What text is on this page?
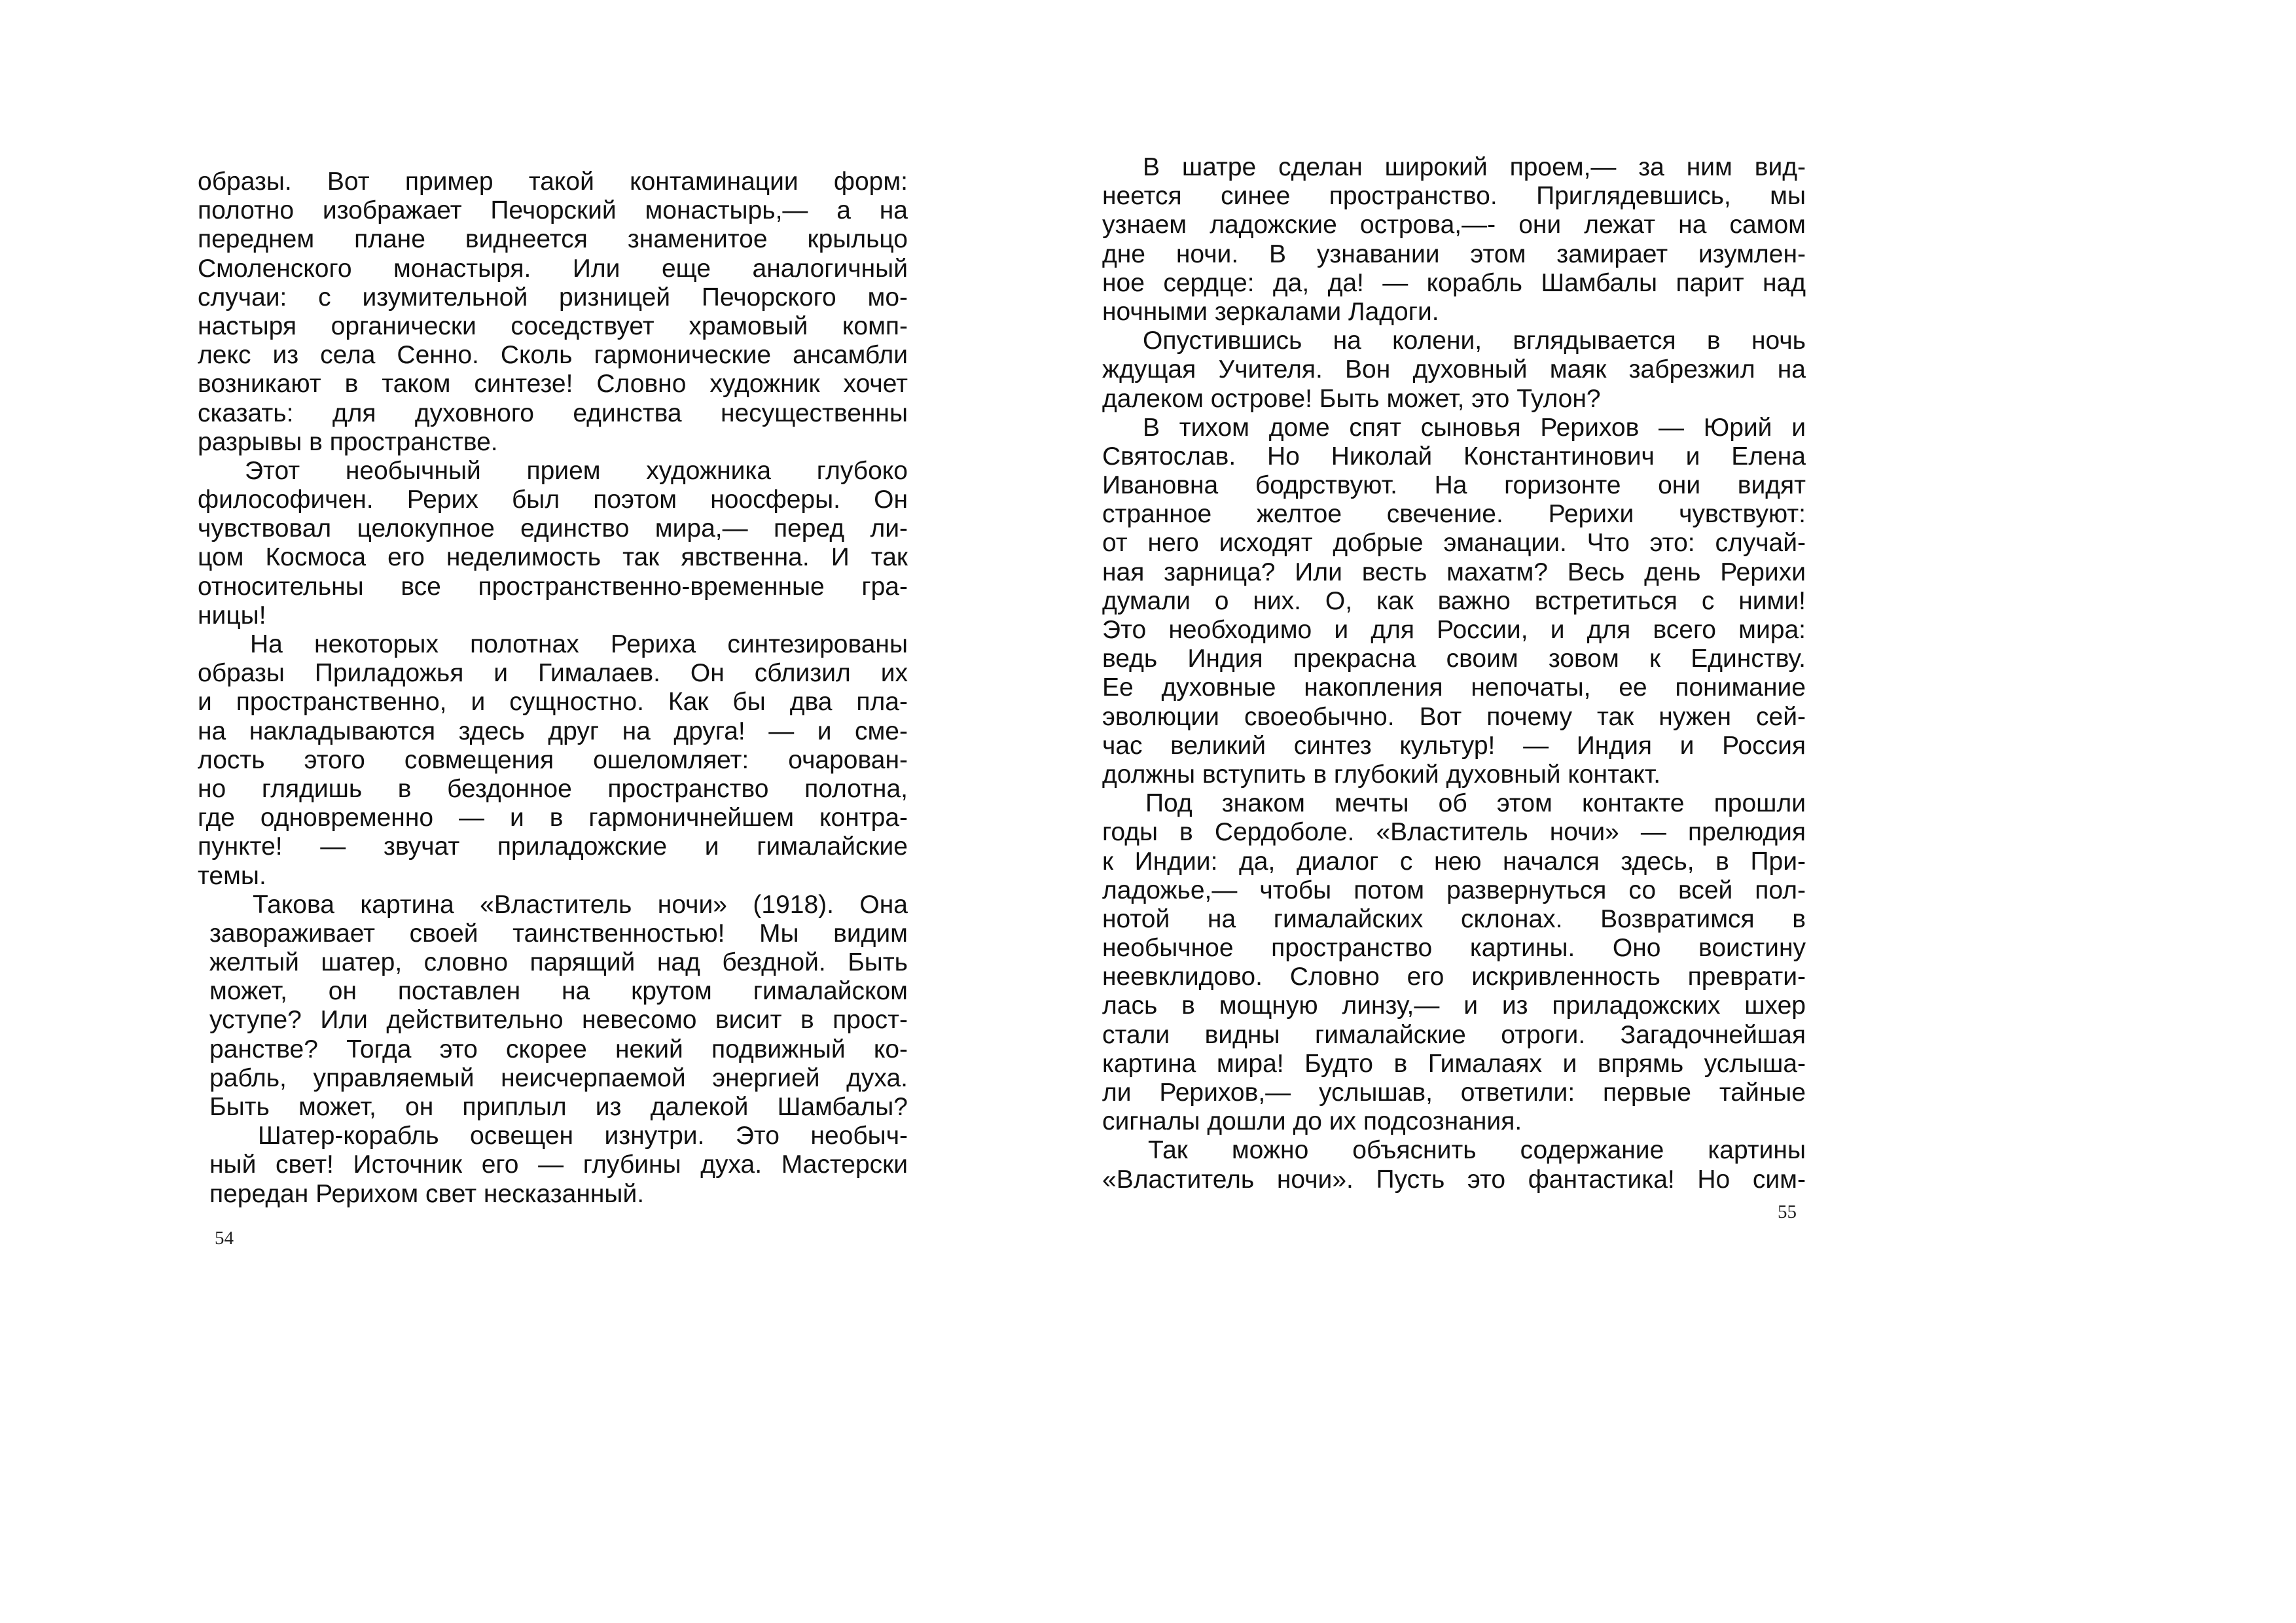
образы. Вот пример такой контаминации форм:
полотно изображает Печорский монастырь,— а на
переднем плане виднеется знаменитое крыльцо
Смоленского монастыря. Или еще аналогичный
случаи: с изумительной ризницей Печорского мо-
настыря органически соседствует храмовый комп-
лекс из села Сенно. Сколь гармонические ансамбли
возникают в таком синтезе! Словно художник хочет
сказать: для духовного единства несущественны
разрывы в пространстве.
Этот необычный прием художника глубоко
философичен. Рерих был поэтом ноосферы. Он
чувствовал целокупное единство мира,— перед ли-
цом Космоса его неделимость так явственна. И так
относительны все пространственно-временные гра-
ницы!
На некоторых полотнах Рериха синтезированы
образы Приладожья и Гималаев. Он сблизил их
и пространственно, и сущностно. Как бы два пла-
на накладываются здесь друг на друга! — и сме-
лость этого совмещения ошеломляет: очарован-
но глядишь в бездонное пространство полотна,
где одновременно — и в гармоничнейшем контра-
пункте! — звучат приладожские и гималайские
темы.
Такова картина «Властитель ночи» (1918). Она
завораживает своей таинственностью! Мы видим
желтый шатер, словно парящий над бездной. Быть
может, он поставлен на крутом гималайском
уступе? Или действительно невесомо висит в прост-
ранстве? Тогда это скорее некий подвижный ко-
рабль, управляемый неисчерпаемой энергией духа.
Быть может, он приплыл из далекой Шамбалы?
Шатер-корабль освещен изнутри. Это необыч-
ный свет! Источник его — глубины духа. Мастерски
передан Рерихом свет несказанный.
54
В шатре сделан широкий проем,— за ним вид-
неется синее пространство. Приглядевшись, мы
узнаем ладожские острова,—- они лежат на самом
дне ночи. В узнавании этом замирает изумлен-
ное сердце: да, да! — корабль Шамбалы парит над
ночными зеркалами Ладоги.
Опустившись на колени, вглядывается в ночь
ждущая Учителя. Вон духовный маяк забрезжил на
далеком острове! Быть может, это Тулон?
В тихом доме спят сыновья Рерихов — Юрий и
Святослав. Но Николай Константинович и Елена
Ивановна бодрствуют. На горизонте они видят
странное желтое свечение. Рерихи чувствуют:
от него исходят добрые эманации. Что это: случай-
ная зарница? Или весть махатм? Весь день Рерихи
думали о них. О, как важно встретиться с ними!
Это необходимо и для России, и для всего мира:
ведь Индия прекрасна своим зовом к Единству.
Ее духовные накопления непочаты, ее понимание
эволюции своеобычно. Вот почему так нужен сей-
час великий синтез культур! — Индия и Россия
должны вступить в глубокий духовный контакт.
Под знаком мечты об этом контакте прошли
годы в Сердоболе. «Властитель ночи» — прелюдия
к Индии: да, диалог с нею начался здесь, в При-
ладожье,— чтобы потом развернуться со всей пол-
нотой на гималайских склонах. Возвратимся в
необычное пространство картины. Оно воистину
неевклидово. Словно его искривленность преврати-
лась в мощную линзу,— и из приладожских шхер
стали видны гималайские отроги. Загадочнейшая
картина мира! Будто в Гималаях и впрямь услыша-
ли Рерихов,— услышав, ответили: первые тайные
сигналы дошли до их подсознания.
Так можно объяснить содержание картины
«Властитель ночи». Пусть это фантастика! Но сим-
55
